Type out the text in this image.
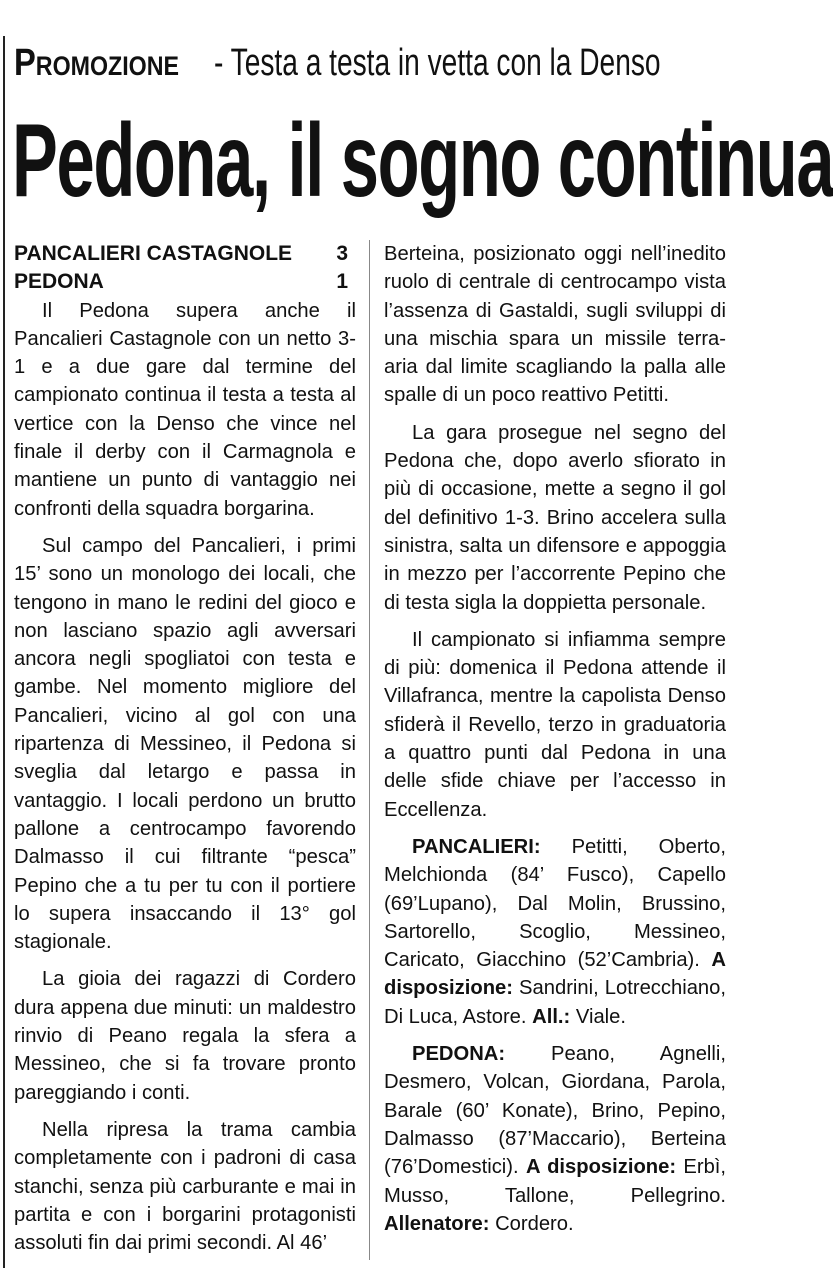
Promozione - Testa a testa in vetta con la Denso
Pedona, il sogno continua
PANCALIERI CASTAGNOLE 3
PEDONA	1

Il Pedona supera anche il Pancalieri Castagnole con un netto 3-1 e a due gare dal termine del campionato continua il testa a testa al vertice con la Denso che vince nel finale il derby con il Carmagnola e mantiene un punto di vantaggio nei confronti della squadra borgarina.

Sul campo del Pancalieri, i primi 15’ sono un monologo dei locali, che tengono in mano le redini del gioco e non lasciano spazio agli avversari ancora negli spogliatoi con testa e gambe. Nel momento migliore del Pancalieri, vicino al gol con una ripartenza di Messineo, il Pedona si sveglia dal letargo e passa in vantaggio. I locali perdono un brutto pallone a centrocampo favorendo Dalmasso il cui filtrante “pesca” Pepino che a tu per tu con il portiere lo supera insaccando il 13° gol stagionale.

La gioia dei ragazzi di Cordero dura appena due minuti: un maldestro rinvio di Peano regala la sfera a Messineo, che si fa trovare pronto pareggiando i conti.

Nella ripresa la trama cambia completamente con i padroni di casa stanchi, senza più carburante e mai in partita e con i borgarini protagonisti assoluti fin dai primi secondi. Al 46’

Berteina, posizionato oggi nell’inedito ruolo di centrale di centrocampo vista l’assenza di Gastaldi, sugli sviluppi di una mischia spara un missile terra-aria dal limite scagliando la palla alle spalle di un poco reattivo Petitti.

La gara prosegue nel segno del Pedona che, dopo averlo sfiorato in più di occasione, mette a segno il gol del definitivo 1-3. Brino accelera sulla sinistra, salta un difensore e appoggia in mezzo per l’accorrente Pepino che di testa sigla la doppietta personale.

Il campionato si infiamma sempre di più: domenica il Pedona attende il Villafranca, mentre la capolista Denso sfiderà il Revello, terzo in graduatoria a quattro punti dal Pedona in una delle sfide chiave per l’accesso in Eccellenza.

PANCALIERI: Petitti, Oberto, Melchionda (84’ Fusco), Capello (69’Lupano), Dal Molin, Brussino, Sartorello, Scoglio, Messineo, Caricato, Giacchino (52’Cambria). A disposizione: Sandrini, Lotrecchiano, Di Luca, Astore. All.: Viale.

PEDONA: Peano, Agnelli, Desmero, Volcan, Giordana, Parola, Barale (60’ Konate), Brino, Pepino, Dalmasso (87’Maccario), Berteina (76’Domestici). A disposizione: Erbì, Musso, Tallone, Pellegrino. Allenatore: Cordero.
